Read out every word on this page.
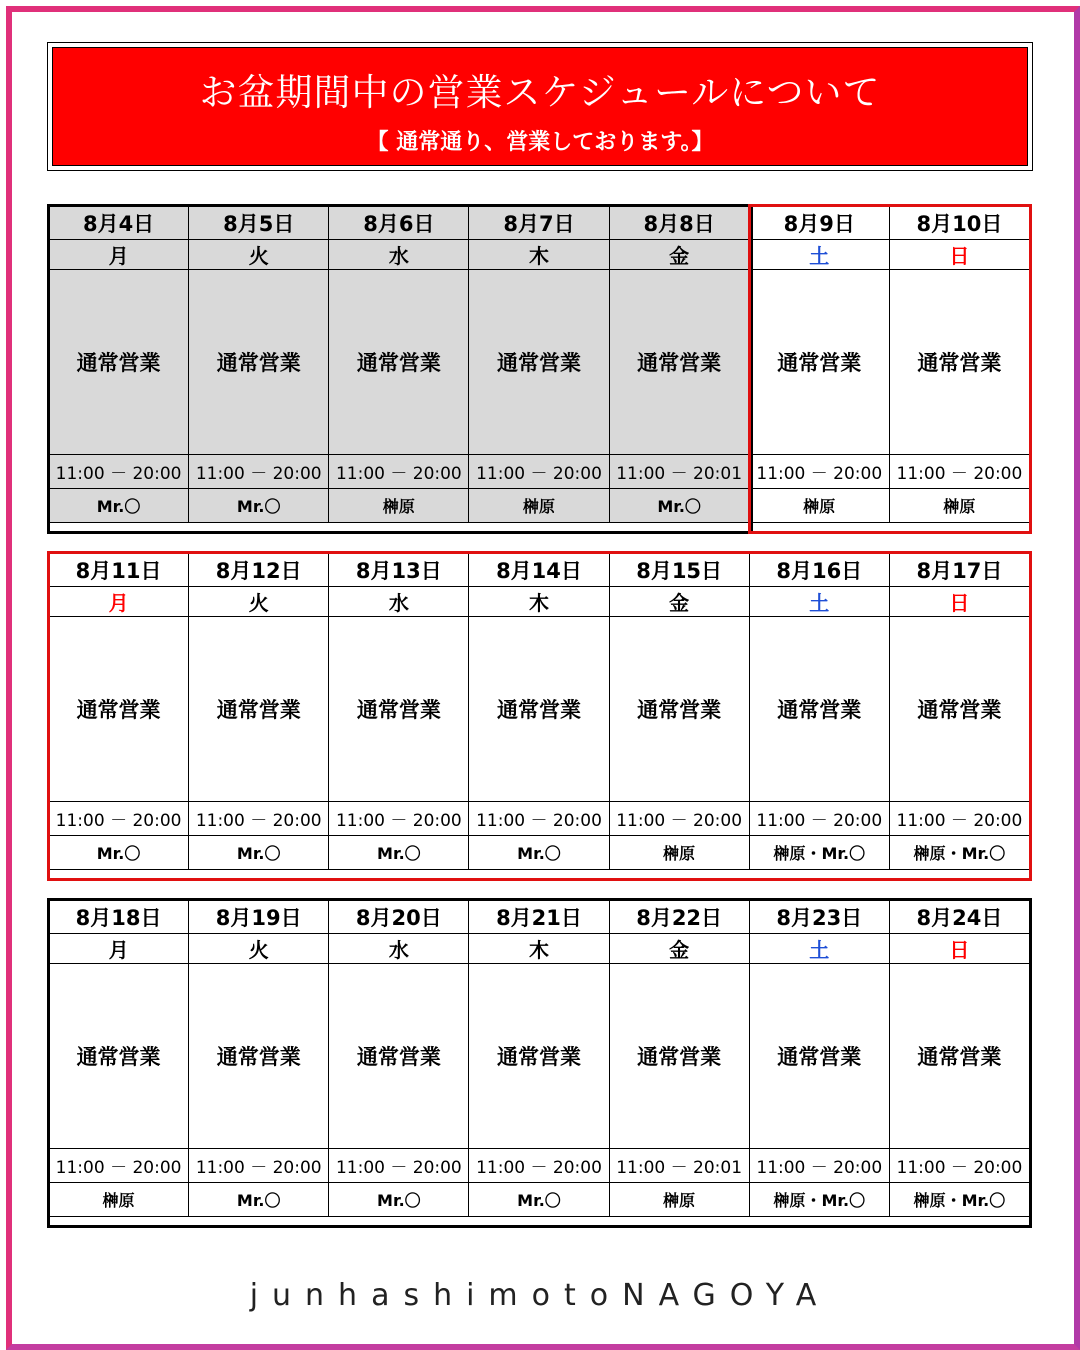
お盆期間中の営業スケジュールについて
【 通常通り、営業しております。】
8月4日	8月5日	8月6日	8月7日	8月8日	8月9日	8月10日
月	火	水	木	金	土	日
通常営業	通常営業	通常営業	通常営業	通常営業	通常営業	通常営業
11:00 － 20:00	11:00 － 20:00	11:00 － 20:00	11:00 － 20:00	11:00 － 20:01	11:00 － 20:00	11:00 － 20:00
Mr.〇	Mr.〇	榊原	榊原	Mr.〇	榊原	榊原
8月11日	8月12日	8月13日	8月14日	8月15日	8月16日	8月17日
月	火	水	木	金	土	日
通常営業	通常営業	通常営業	通常営業	通常営業	通常営業	通常営業
11:00 － 20:00	11:00 － 20:00	11:00 － 20:00	11:00 － 20:00	11:00 － 20:00	11:00 － 20:00	11:00 － 20:00
Mr.〇	Mr.〇	Mr.〇	Mr.〇	榊原	榊原・Mr.〇	榊原・Mr.〇
8月18日	8月19日	8月20日	8月21日	8月22日	8月23日	8月24日
月	火	水	木	金	土	日
通常営業	通常営業	通常営業	通常営業	通常営業	通常営業	通常営業
11:00 － 20:00	11:00 － 20:00	11:00 － 20:00	11:00 － 20:00	11:00 － 20:01	11:00 － 20:00	11:00 － 20:00
榊原	Mr.〇	Mr.〇	Mr.〇	榊原	榊原・Mr.〇	榊原・Mr.〇
junhashimotoNAGOYA
